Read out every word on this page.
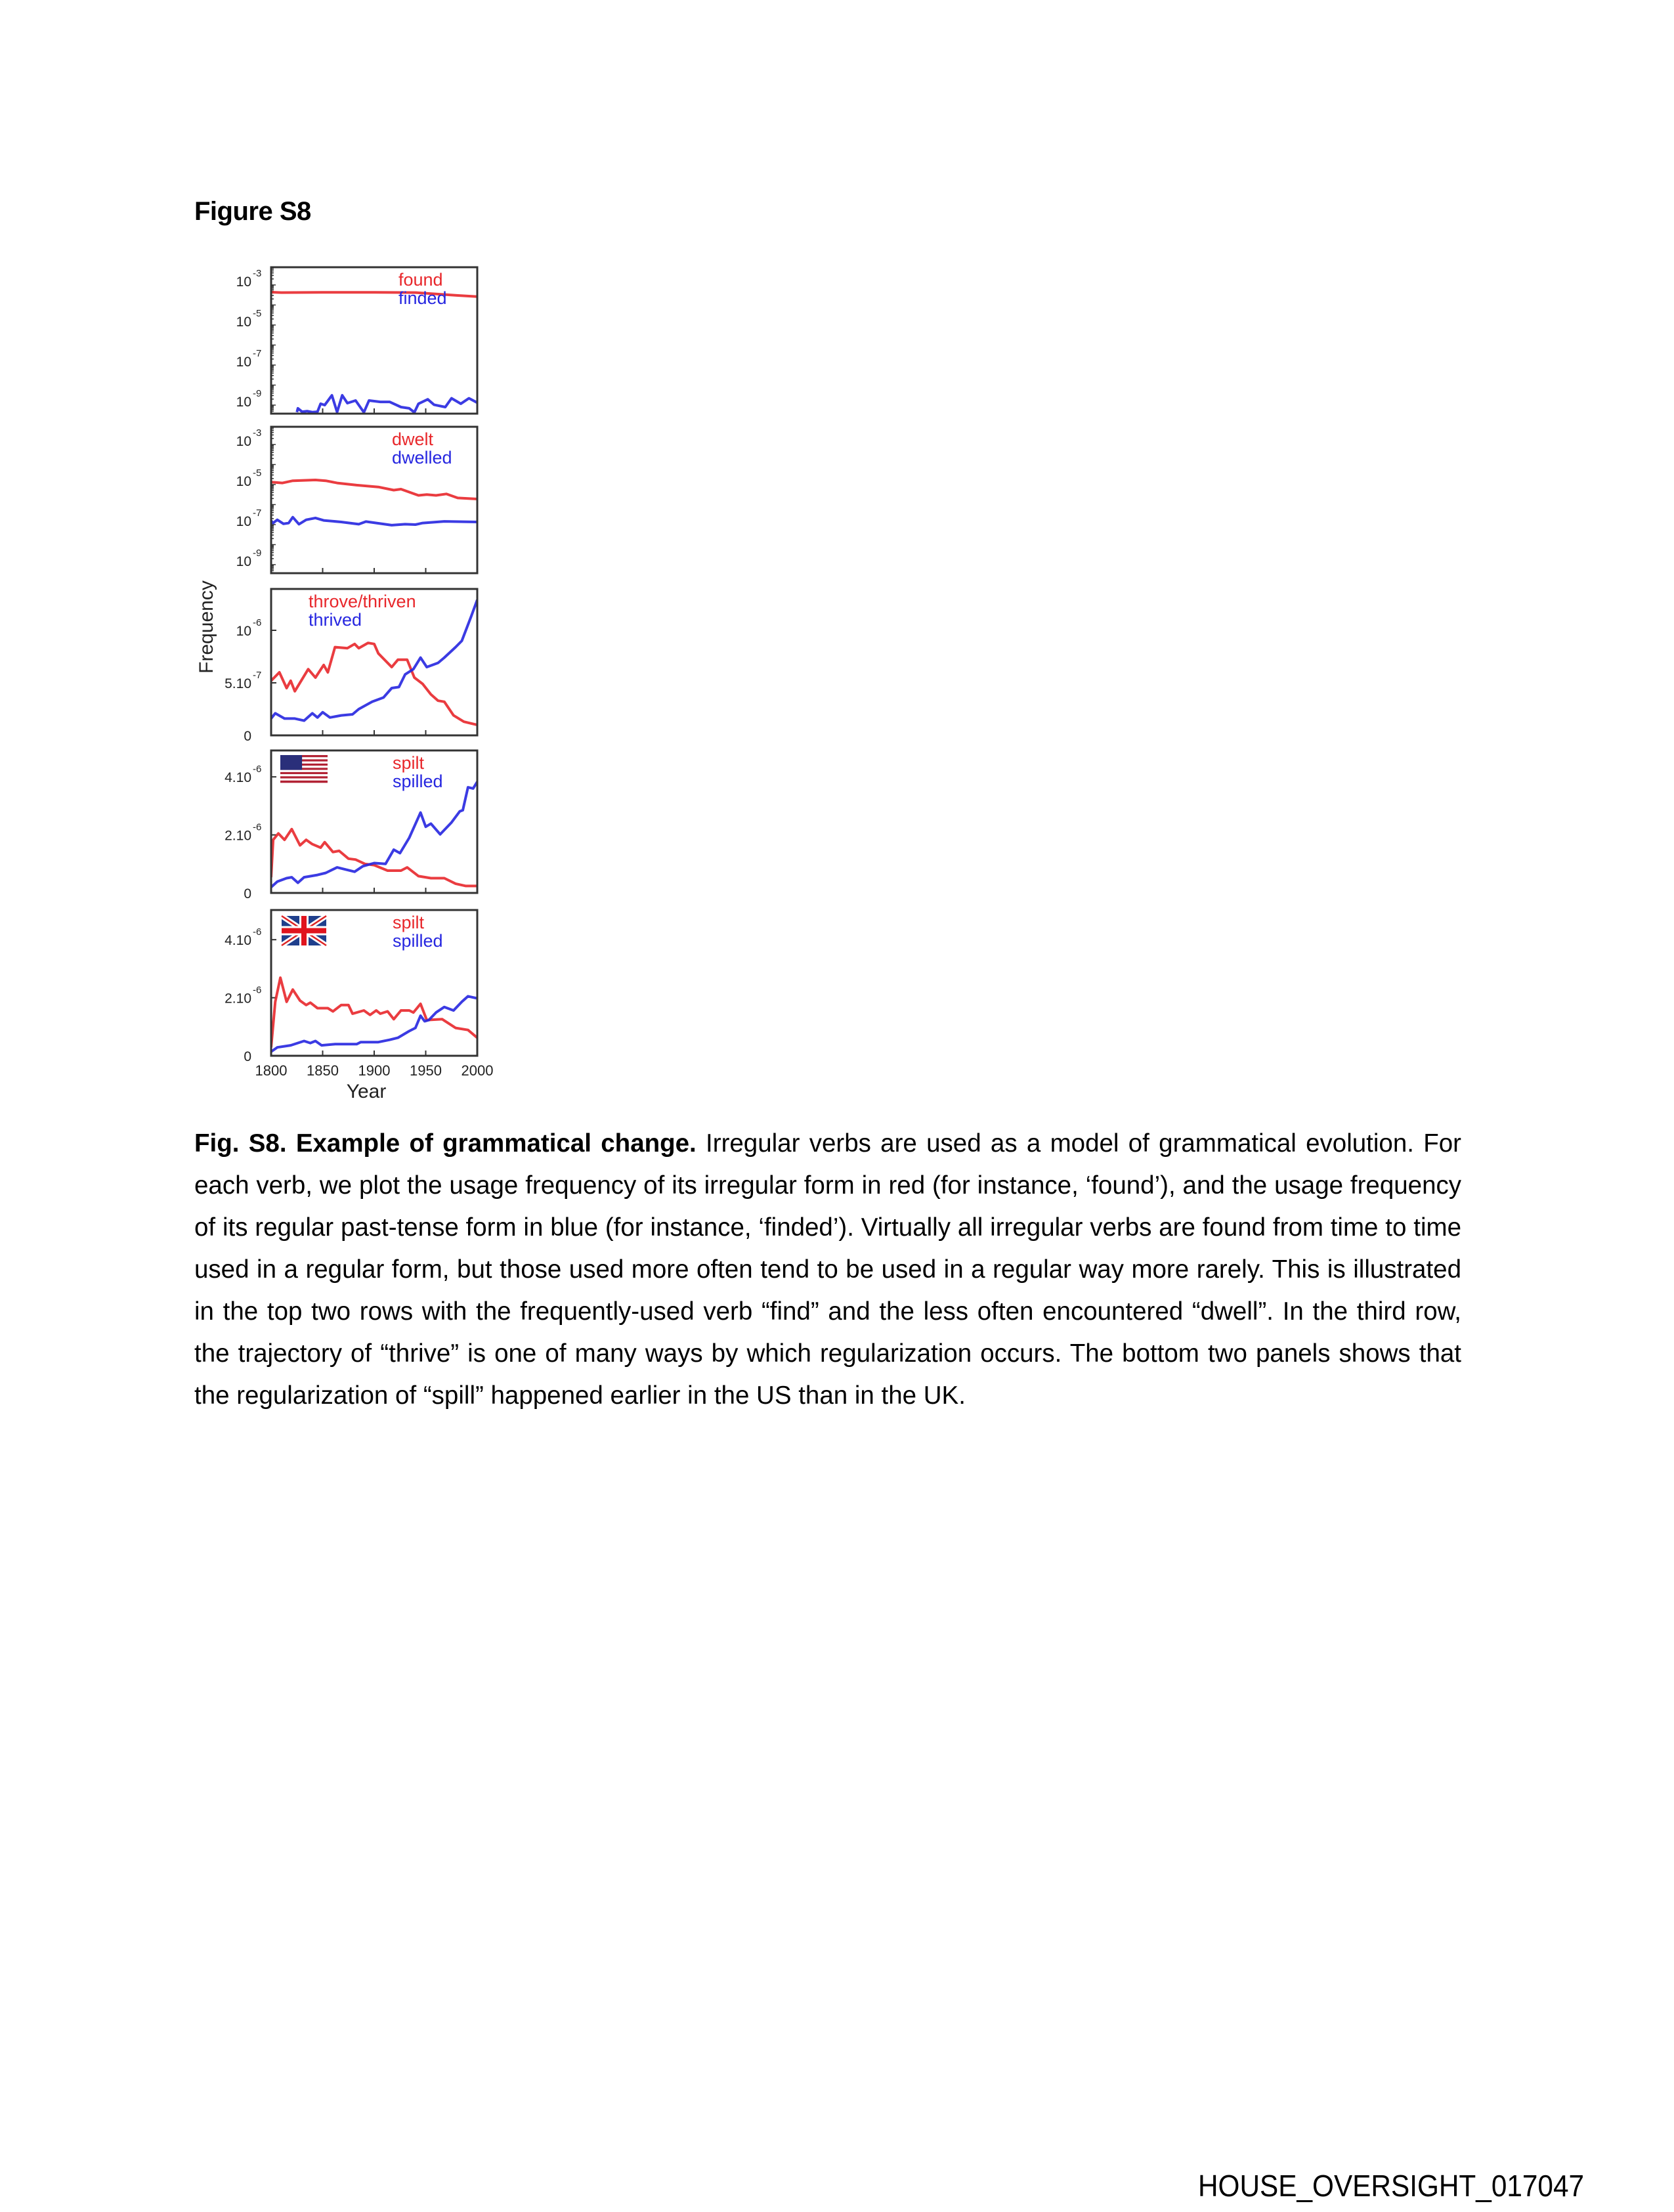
Figure S8
10
-3
10
-5
10
-7
10
-9
found
finded
10
-3
10
-5
10
-7
10
-9
dwelt
dwelled
10
-6
5.10
-7
0
throve/thriven
thrived
4.10
-6
2.10
-6
0
spilt
spilled
4.10
-6
2.10
-6
0
spilt
spilled
1800 1850 1900 1950 2000
Frequency
Year
Fig. S8. Example of grammatical change. Irregular verbs are used as a model of grammatical evolution. For each verb, we plot the usage frequency of its irregular form in red (for instance, ‘found’), and the usage frequency of its regular past-tense form in blue (for instance, ‘finded’). Virtually all irregular verbs are found from time to time used in a regular form, but those used more often tend to be used in a regular way more rarely. This is illustrated in the top two rows with the frequently-used verb “find” and the less often encountered “dwell”. In the third row, the trajectory of “thrive” is one of many ways by which regularization occurs. The bottom two panels shows that the regularization of “spill” happened earlier in the US than in the UK.
HOUSE_OVERSIGHT_017047
